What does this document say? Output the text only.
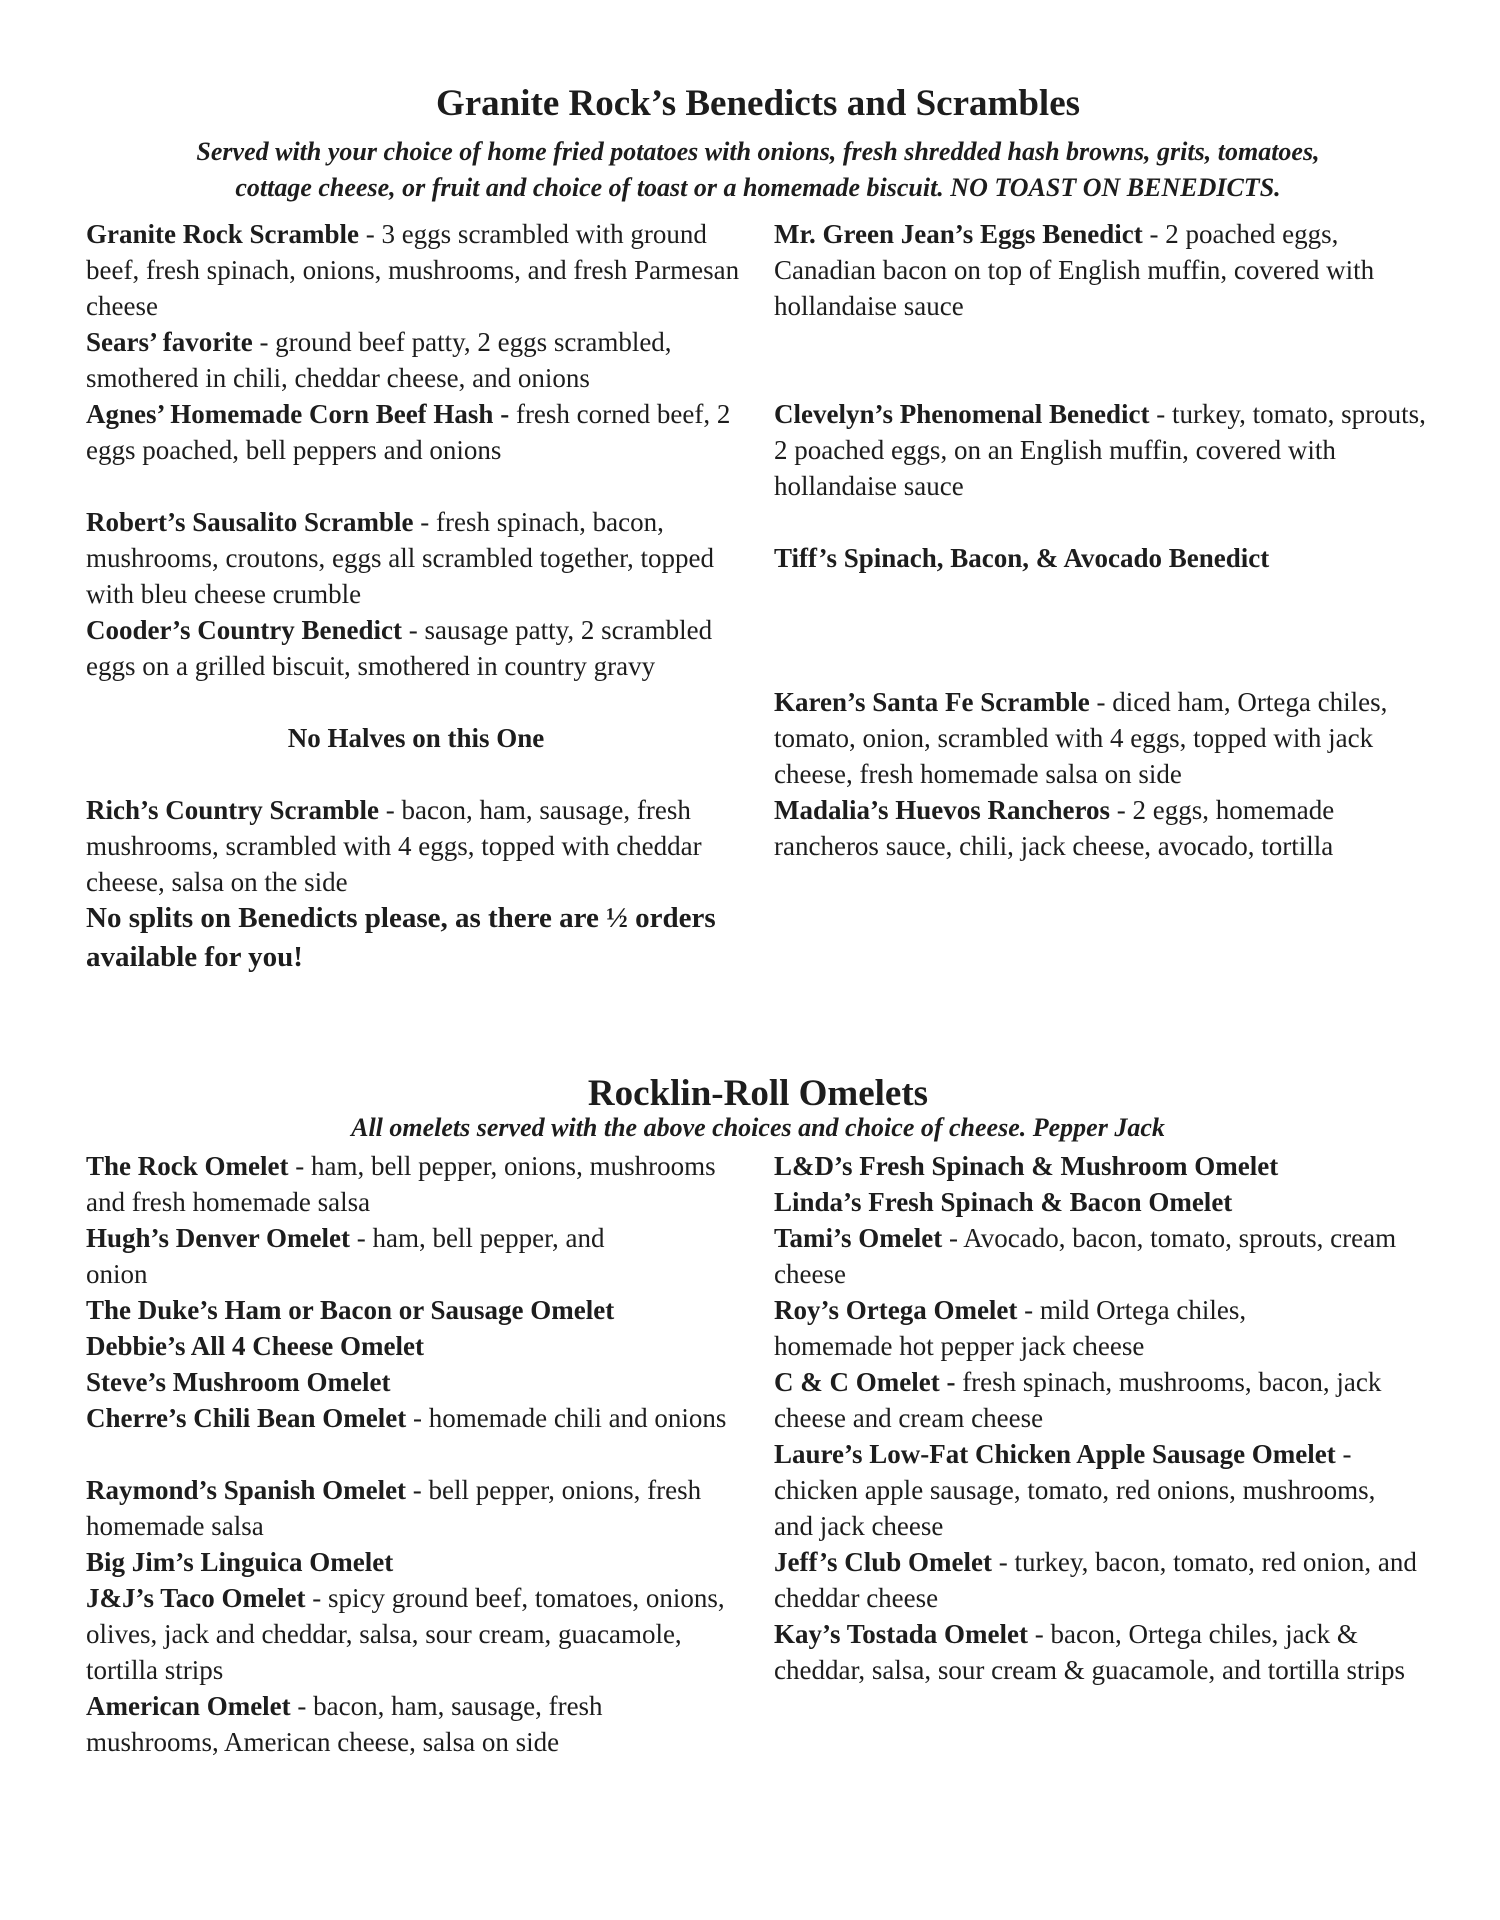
Granite Rock’s Benedicts and Scrambles

Served with your choice of home fried potatoes with onions, fresh shredded hash browns, grits, tomatoes,

cottage cheese, or fruit and choice of toast or a homemade biscuit. NO TOAST ON BENEDICTS.

Granite Rock Scramble - 3 eggs scrambled with ground beef, fresh spinach, onions, mushrooms, and fresh Parmesan cheese
Sears’ favorite - ground beef patty, 2 eggs scrambled, smothered in chili, cheddar cheese, and onions
Agnes’ Homemade Corn Beef Hash - fresh corned beef, 2 eggs poached, bell peppers and onions
Robert’s Sausalito Scramble - fresh spinach, bacon, mushrooms, croutons, eggs all scrambled together, topped with bleu cheese crumble
Cooder’s Country Benedict - sausage patty, 2 scrambled eggs on a grilled biscuit, smothered in country gravy
No Halves on this One
Rich’s Country Scramble - bacon, ham, sausage, fresh mushrooms, scrambled with 4 eggs, topped with cheddar cheese, salsa on the side
No splits on Benedicts please, as there are ½ orders available for you!
Mr. Green Jean’s Eggs Benedict - 2 poached eggs, Canadian bacon on top of English muffin, covered with hollandaise sauce
Clevelyn’s Phenomenal Benedict - turkey, tomato, sprouts, 2 poached eggs, on an English muffin, covered with hollandaise sauce
Tiff’s Spinach, Bacon, & Avocado Benedict
Karen’s Santa Fe Scramble - diced ham, Ortega chiles, tomato, onion, scrambled with 4 eggs, topped with jack cheese, fresh homemade salsa on side
Madalia’s Huevos Rancheros - 2 eggs, homemade rancheros sauce, chili, jack cheese, avocado, tortilla
Rocklin-Roll Omelets

All omelets served with the above choices and choice of cheese. Pepper Jack

The Rock Omelet - ham, bell pepper, onions, mushrooms and fresh homemade salsa
Hugh’s Denver Omelet - ham, bell pepper, and onion
The Duke’s Ham or Bacon or Sausage Omelet
Debbie’s All 4 Cheese Omelet
Steve’s Mushroom Omelet
Cherre’s Chili Bean Omelet - homemade chili and onions
Raymond’s Spanish Omelet - bell pepper, onions, fresh homemade salsa
Big Jim’s Linguica Omelet
J&J’s Taco Omelet - spicy ground beef, tomatoes, onions, olives, jack and cheddar, salsa, sour cream, guacamole, tortilla strips
American Omelet - bacon, ham, sausage, fresh mushrooms, American cheese, salsa on side
L&D’s Fresh Spinach & Mushroom Omelet
Linda’s Fresh Spinach & Bacon Omelet
Tami’s Omelet - Avocado, bacon, tomato, sprouts, cream cheese
Roy’s Ortega Omelet - mild Ortega chiles, homemade hot pepper jack cheese
C & C Omelet - fresh spinach, mushrooms, bacon, jack cheese and cream cheese
Laure’s Low-Fat Chicken Apple Sausage Omelet - chicken apple sausage, tomato, red onions, mushrooms, and jack cheese
Jeff’s Club Omelet - turkey, bacon, tomato, red onion, and cheddar cheese
Kay’s Tostada Omelet - bacon, Ortega chiles, jack & cheddar, salsa, sour cream & guacamole, and tortilla strips
